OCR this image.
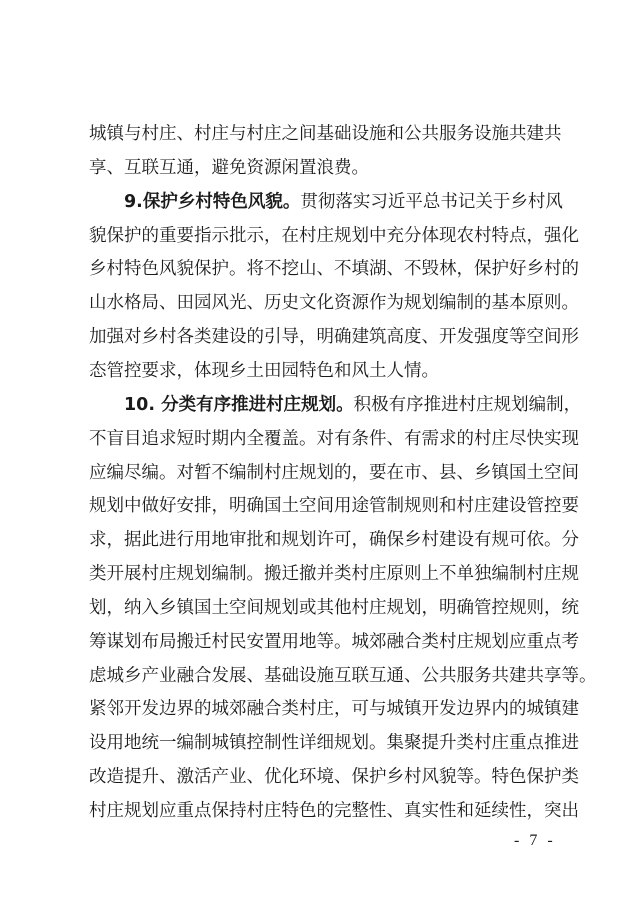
城镇与村庄、村庄与村庄之间基础设施和公共服务设施共建共
享、互联互通，避免资源闲置浪费。
9.保护乡村特色风貌。贯彻落实习近平总书记关于乡村风
貌保护的重要指示批示，在村庄规划中充分体现农村特点，强化
乡村特色风貌保护。将不挖山、不填湖、不毁林，保护好乡村的
山水格局、田园风光、历史文化资源作为规划编制的基本原则。
加强对乡村各类建设的引导，明确建筑高度、开发强度等空间形
态管控要求，体现乡土田园特色和风土人情。
10. 分类有序推进村庄规划。积极有序推进村庄规划编制，
不盲目追求短时期内全覆盖。对有条件、有需求的村庄尽快实现
应编尽编。对暂不编制村庄规划的，要在市、县、乡镇国土空间
规划中做好安排，明确国土空间用途管制规则和村庄建设管控要
求，据此进行用地审批和规划许可，确保乡村建设有规可依。分
类开展村庄规划编制。搬迁撤并类村庄原则上不单独编制村庄规
划，纳入乡镇国土空间规划或其他村庄规划，明确管控规则，统
筹谋划布局搬迁村民安置用地等。城郊融合类村庄规划应重点考
虑城乡产业融合发展、基础设施互联互通、公共服务共建共享等。
紧邻开发边界的城郊融合类村庄，可与城镇开发边界内的城镇建
设用地统一编制城镇控制性详细规划。集聚提升类村庄重点推进
改造提升、激活产业、优化环境、保护乡村风貌等。特色保护类
村庄规划应重点保持村庄特色的完整性、真实性和延续性，突出
- 7 -
